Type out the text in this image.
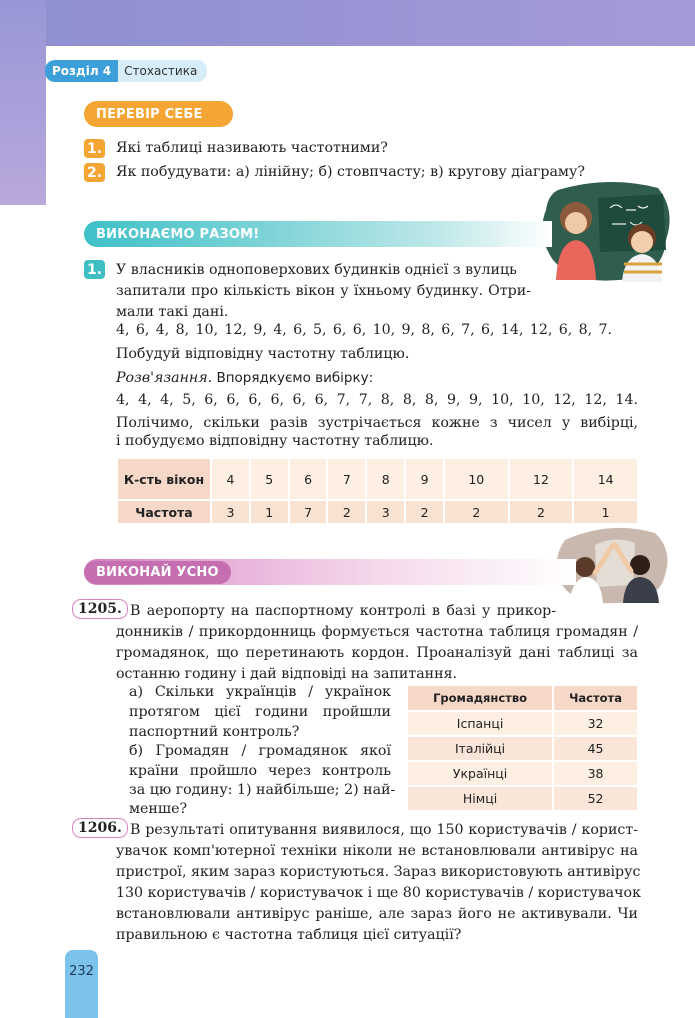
Розділ 4	Стохастика
ПЕРЕВІР СЕБЕ
1. Які таблиці називають частотними?
2. Як побудувати: а) лінійну; б) стовпчасту; в) кругову діаграму?
ВИКОНАЄМО РАЗОМ!
1. У власників одноповерхових будинків однієї з вулиць
запитали про кількість вікон у їхньому будинку. Отри-
мали такі дані.
4, 6, 4, 8, 10, 12, 9, 4, 6, 5, 6, 6, 10, 9, 8, 6, 7, 6, 14, 12, 6, 8, 7.
Побудуй відповідну частотну таблицю.
Розв'язання. Впорядкуємо вибірку:
4, 4, 4, 5, 6, 6, 6, 6, 6, 6, 7, 7, 8, 8, 8, 9, 9, 10, 10, 12, 12, 14.
Полічимо, скільки разів зустрічається кожне з чисел у вибірці,
і побудуємо відповідну частотну таблицю.
К-сть вікон	4	5	6	7	8	9	10	12	14
Частота	3	1	7	2	3	2	2	2	1
ВИКОНАЙ УСНО
1205. В аеропорту на паспортному контролі в базі у прикор-
донників / прикордонниць формується частотна таблиця громадян /
громадянок, що перетинають кордон. Проаналізуй дані таблиці за
останню годину і дай відповіді на запитання.
а) Скільки українців / українок
протягом цієї години пройшли
паспортний контроль?
б) Громадян / громадянок якої
країни пройшло через контроль
за цю годину: 1) найбільше; 2) най-
менше?
Громадянство	Частота
Іспанці	32
Італійці	45
Українці	38
Німці	52
1206. В результаті опитування виявилося, що 150 користувачів / корист-
увачок комп'ютерної техніки ніколи не встановлювали антивірус на
пристрої, яким зараз користуються. Зараз використовують антивірус
130 користувачів / користувачок і ще 80 користувачів / користувачок
встановлювали антивірус раніше, але зараз його не активували. Чи
правильною є частотна таблиця цієї ситуації?
232
